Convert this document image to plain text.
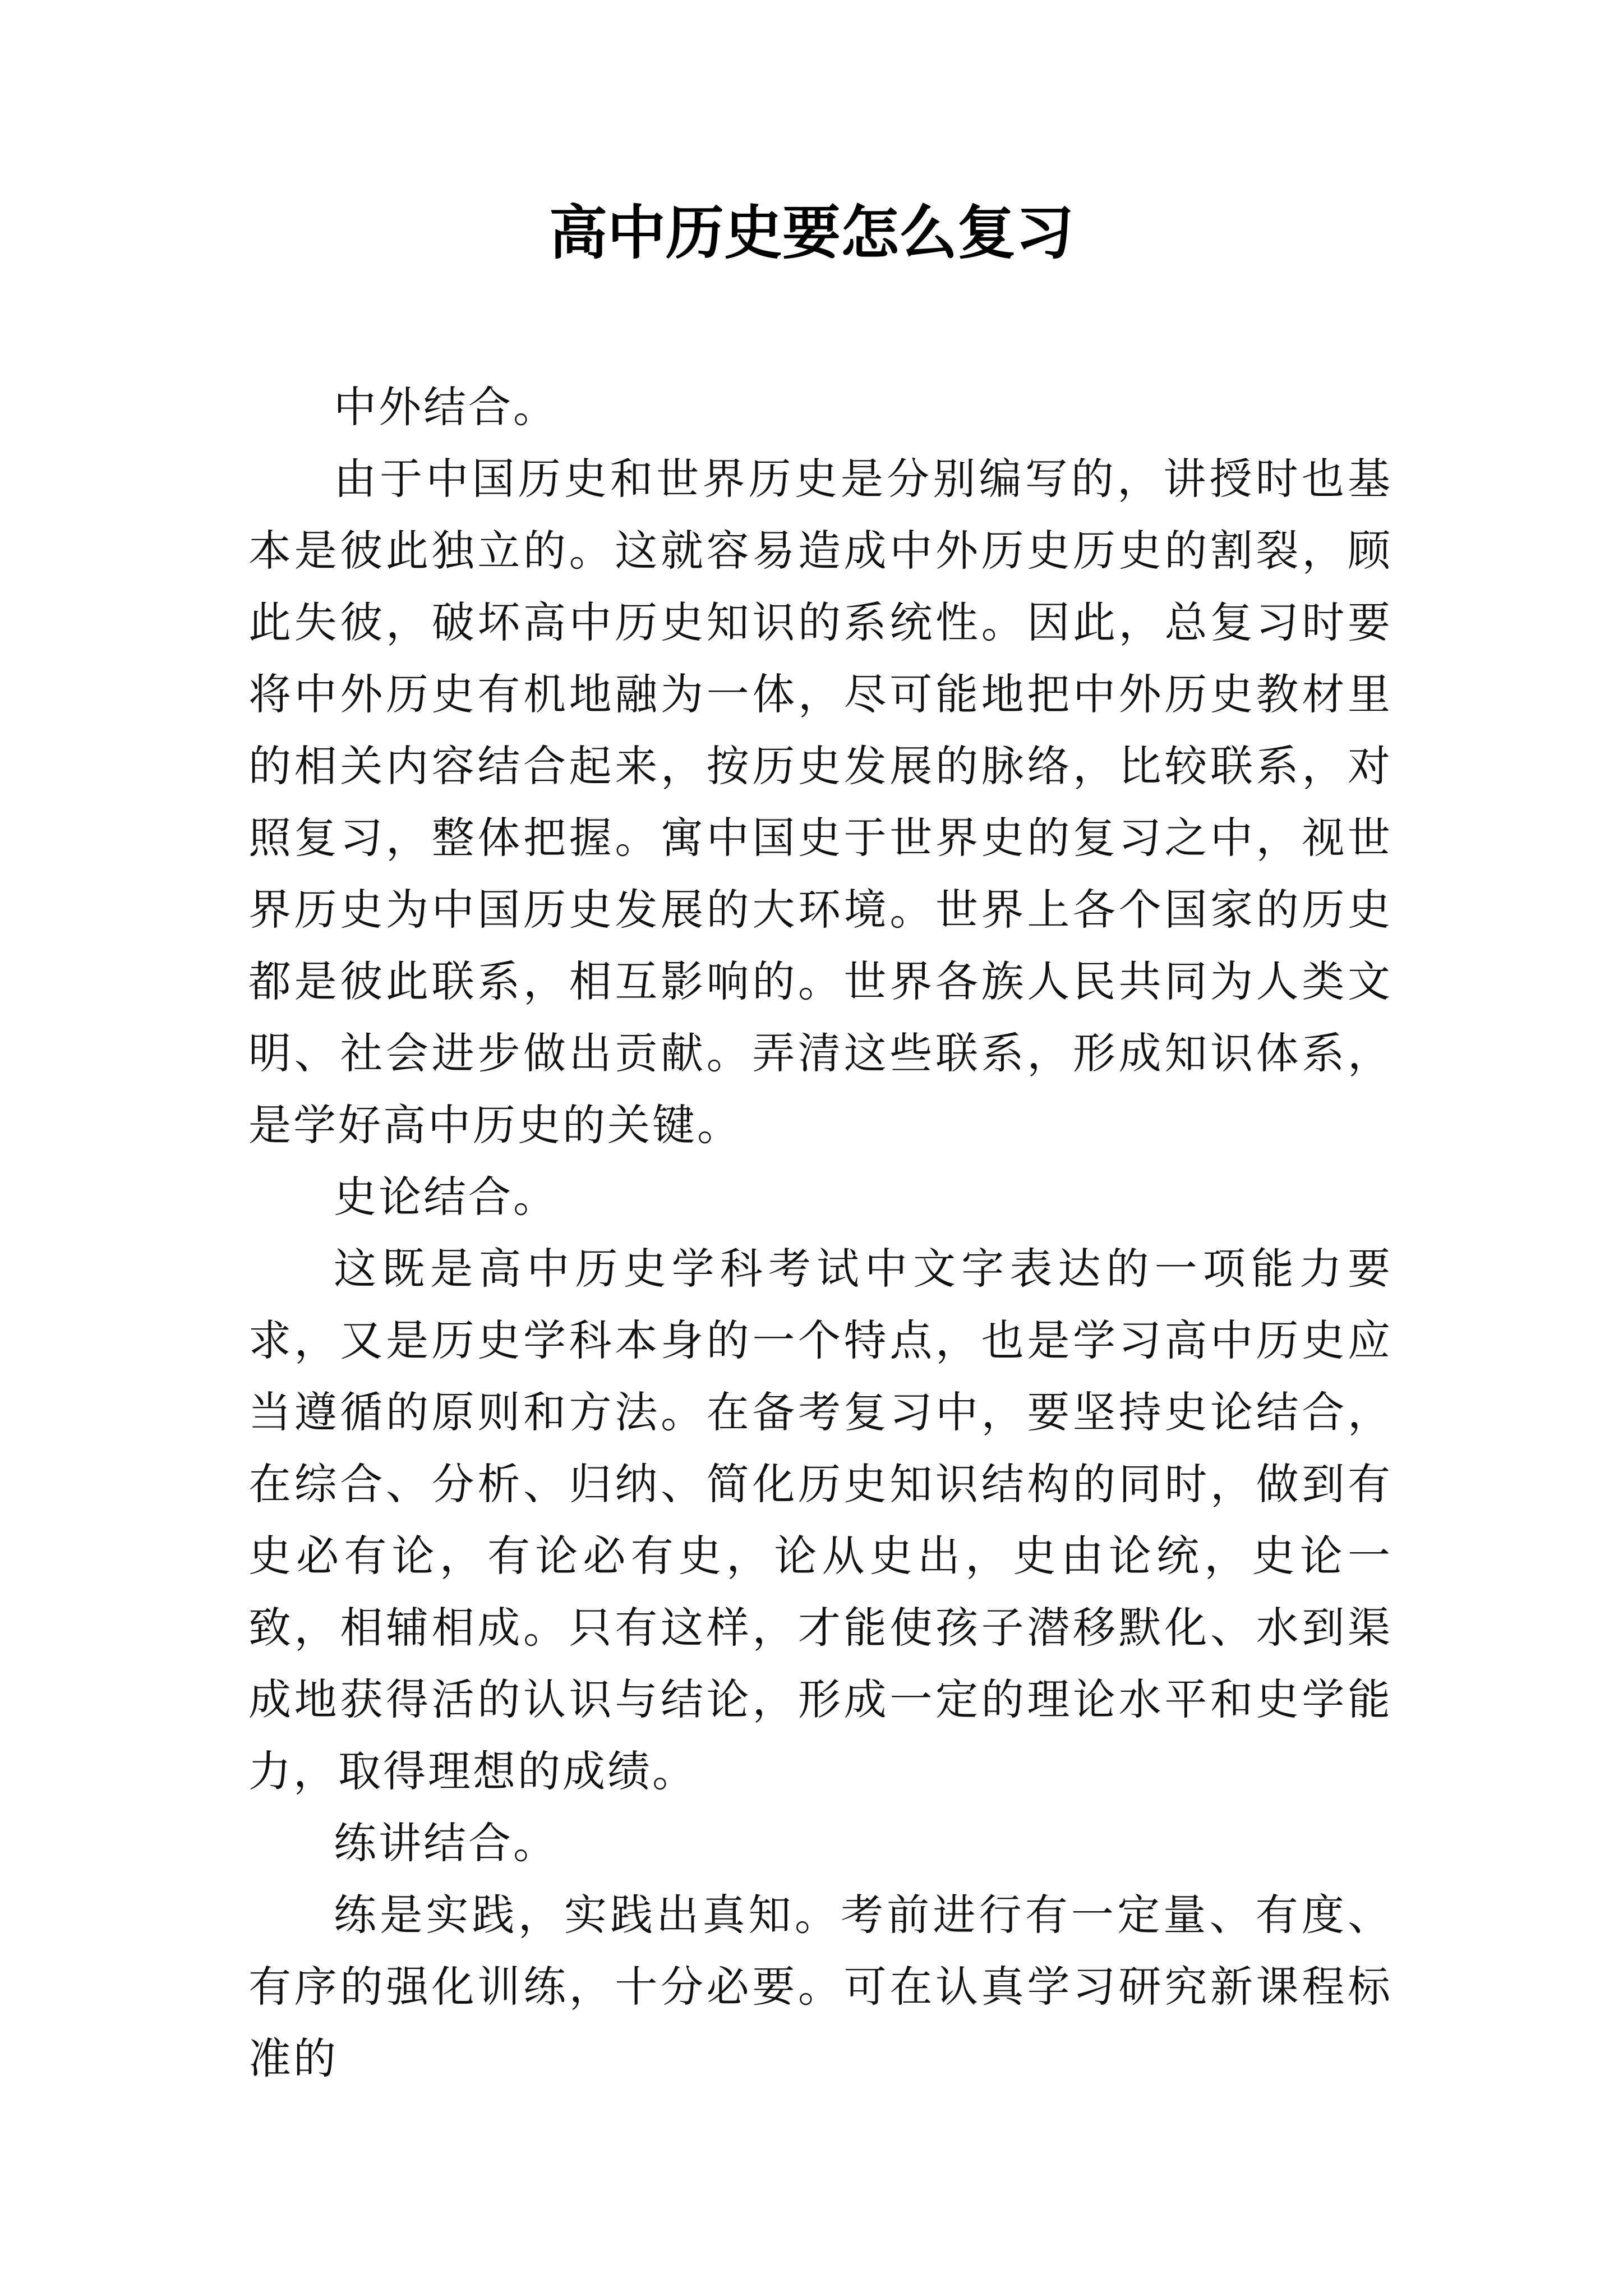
高中历史要怎么复习

中外结合。

由于中国历史和世界历史是分别编写的，讲授时也基本是彼此独立的。这就容易造成中外历史历史的割裂，顾此失彼，破坏高中历史知识的系统性。因此，总复习时要将中外历史有机地融为一体，尽可能地把中外历史教材里的相关内容结合起来，按历史发展的脉络，比较联系，对照复习，整体把握。寓中国史于世界史的复习之中，视世界历史为中国历史发展的大环境。世界上各个国家的历史都是彼此联系，相互影响的。世界各族人民共同为人类文明、社会进步做出贡献。弄清这些联系，形成知识体系，是学好高中历史的关键。

史论结合。

这既是高中历史学科考试中文字表达的一项能力要求，又是历史学科本身的一个特点，也是学习高中历史应当遵循的原则和方法。在备考复习中，要坚持史论结合，在综合、分析、归纳、简化历史知识结构的同时，做到有史必有论，有论必有史，论从史出，史由论统，史论一致，相辅相成。只有这样，才能使孩子潜移默化、水到渠成地获得活的认识与结论，形成一定的理论水平和史学能力，取得理想的成绩。

练讲结合。

练是实践，实践出真知。考前进行有一定量、有度、有序的强化训练，十分必要。可在认真学习研究新课程标准的
